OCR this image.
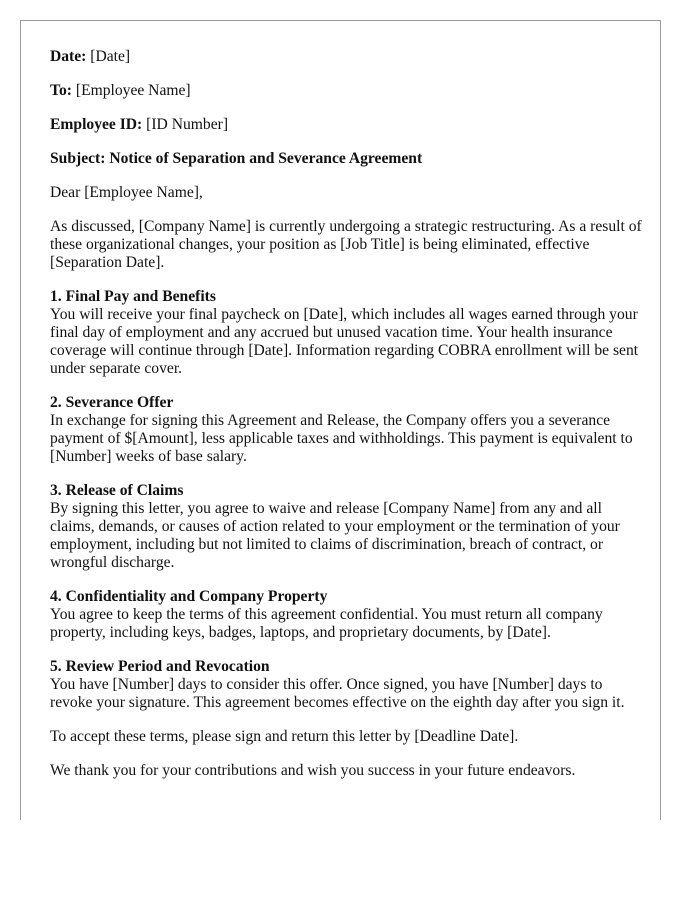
Date: [Date]
To: [Employee Name]
Employee ID: [ID Number]
Subject: Notice of Separation and Severance Agreement

Dear [Employee Name],

As discussed, [Company Name] is currently undergoing a strategic restructuring. As a result of these organizational changes, your position as [Job Title] is being eliminated, effective [Separation Date].

1. Final Pay and Benefits
You will receive your final paycheck on [Date], which includes all wages earned through your final day of employment and any accrued but unused vacation time. Your health insurance coverage will continue through [Date]. Information regarding COBRA enrollment will be sent under separate cover.
2. Severance Offer
In exchange for signing this Agreement and Release, the Company offers you a severance payment of $[Amount], less applicable taxes and withholdings. This payment is equivalent to [Number] weeks of base salary.
3. Release of Claims
By signing this letter, you agree to waive and release [Company Name] from any and all claims, demands, or causes of action related to your employment or the termination of your employment, including but not limited to claims of discrimination, breach of contract, or wrongful discharge.
4. Confidentiality and Company Property
You agree to keep the terms of this agreement confidential. You must return all company property, including keys, badges, laptops, and proprietary documents, by [Date].
5. Review Period and Revocation
You have [Number] days to consider this offer. Once signed, you have [Number] days to revoke your signature. This agreement becomes effective on the eighth day after you sign it.

To accept these terms, please sign and return this letter by [Deadline Date].

We thank you for your contributions and wish you success in your future endeavors.
